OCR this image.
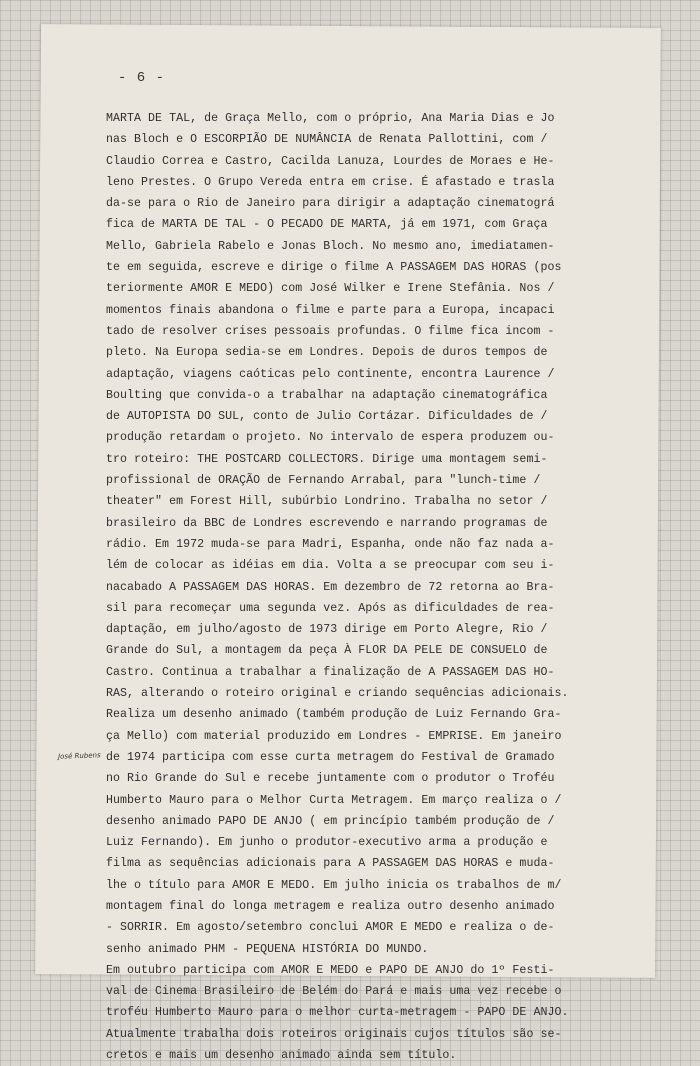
- 6 -
José Rubens
MARTA DE TAL, de Graça Mello, com o próprio, Ana Maria Dias e Jo
nas Bloch e O ESCORPIÃO DE NUMÂNCIA de Renata Pallottini, com /
Claudio Correa e Castro, Cacilda Lanuza, Lourdes de Moraes e He-
leno Prestes. O Grupo Vereda entra em crise. É afastado e trasla
da-se para o Rio de Janeiro para dirigir a adaptação cinematográ
fica de MARTA DE TAL - O PECADO DE MARTA, já em 1971, com Graça
Mello, Gabriela Rabelo e Jonas Bloch. No mesmo ano, imediatamen-
te em seguida, escreve e dirige o filme A PASSAGEM DAS HORAS (pos
teriormente AMOR E MEDO) com José Wilker e Irene Stefânia. Nos /
momentos finais abandona o filme e parte para a Europa, incapaci
tado de resolver crises pessoais profundas. O filme fica incom -
pleto. Na Europa sedia-se em Londres. Depois de duros tempos de
adaptação, viagens caóticas pelo continente, encontra Laurence /
Boulting que convida-o a trabalhar na adaptação cinematográfica
de AUTOPISTA DO SUL, conto de Julio Cortázar. Dificuldades de /
produção retardam o projeto. No intervalo de espera produzem ou-
tro roteiro: THE POSTCARD COLLECTORS. Dirige uma montagem semi-
profissional de ORAÇÃO de Fernando Arrabal, para "lunch-time /
theater" em Forest Hill, subúrbio Londrino. Trabalha no setor /
brasileiro da BBC de Londres escrevendo e narrando programas de
rádio. Em 1972 muda-se para Madri, Espanha, onde não faz nada a-
lém de colocar as idéias em dia. Volta a se preocupar com seu i-
nacabado A PASSAGEM DAS HORAS. Em dezembro de 72 retorna ao Bra-
sil para recomeçar uma segunda vez. Após as dificuldades de rea-
daptação, em julho/agosto de 1973 dirige em Porto Alegre, Rio /
Grande do Sul, a montagem da peça À FLOR DA PELE DE CONSUELO de
Castro. Continua a trabalhar a finalização de A PASSAGEM DAS HO-
RAS, alterando o roteiro original e criando sequências adicionais.
Realiza um desenho animado (também produção de Luiz Fernando Gra-
ça Mello) com material produzido em Londres - EMPRISE. Em janeiro
de 1974 participa com esse curta metragem do Festival de Gramado
no Rio Grande do Sul e recebe juntamente com o produtor o Troféu
Humberto Mauro para o Melhor Curta Metragem. Em março realiza o /
desenho animado PAPO DE ANJO ( em princípio também produção de /
Luiz Fernando). Em junho o produtor-executivo arma a produção e
filma as sequências adicionais para A PASSAGEM DAS HORAS e muda-
lhe o título para AMOR E MEDO. Em julho inicia os trabalhos de m/
montagem final do longa metragem e realiza outro desenho animado
- SORRIR. Em agosto/setembro conclui AMOR E MEDO e realiza o de-
senho animado PHM - PEQUENA HISTÓRIA DO MUNDO.
Em outubro participa com AMOR E MEDO e PAPO DE ANJO do 1º Festi-
val de Cinema Brasileiro de Belém do Pará e mais uma vez recebe o
troféu Humberto Mauro para o melhor curta-metragem - PAPO DE ANJO.
Atualmente trabalha dois roteiros originais cujos títulos são se-
cretos e mais um desenho animado ainda sem título.
